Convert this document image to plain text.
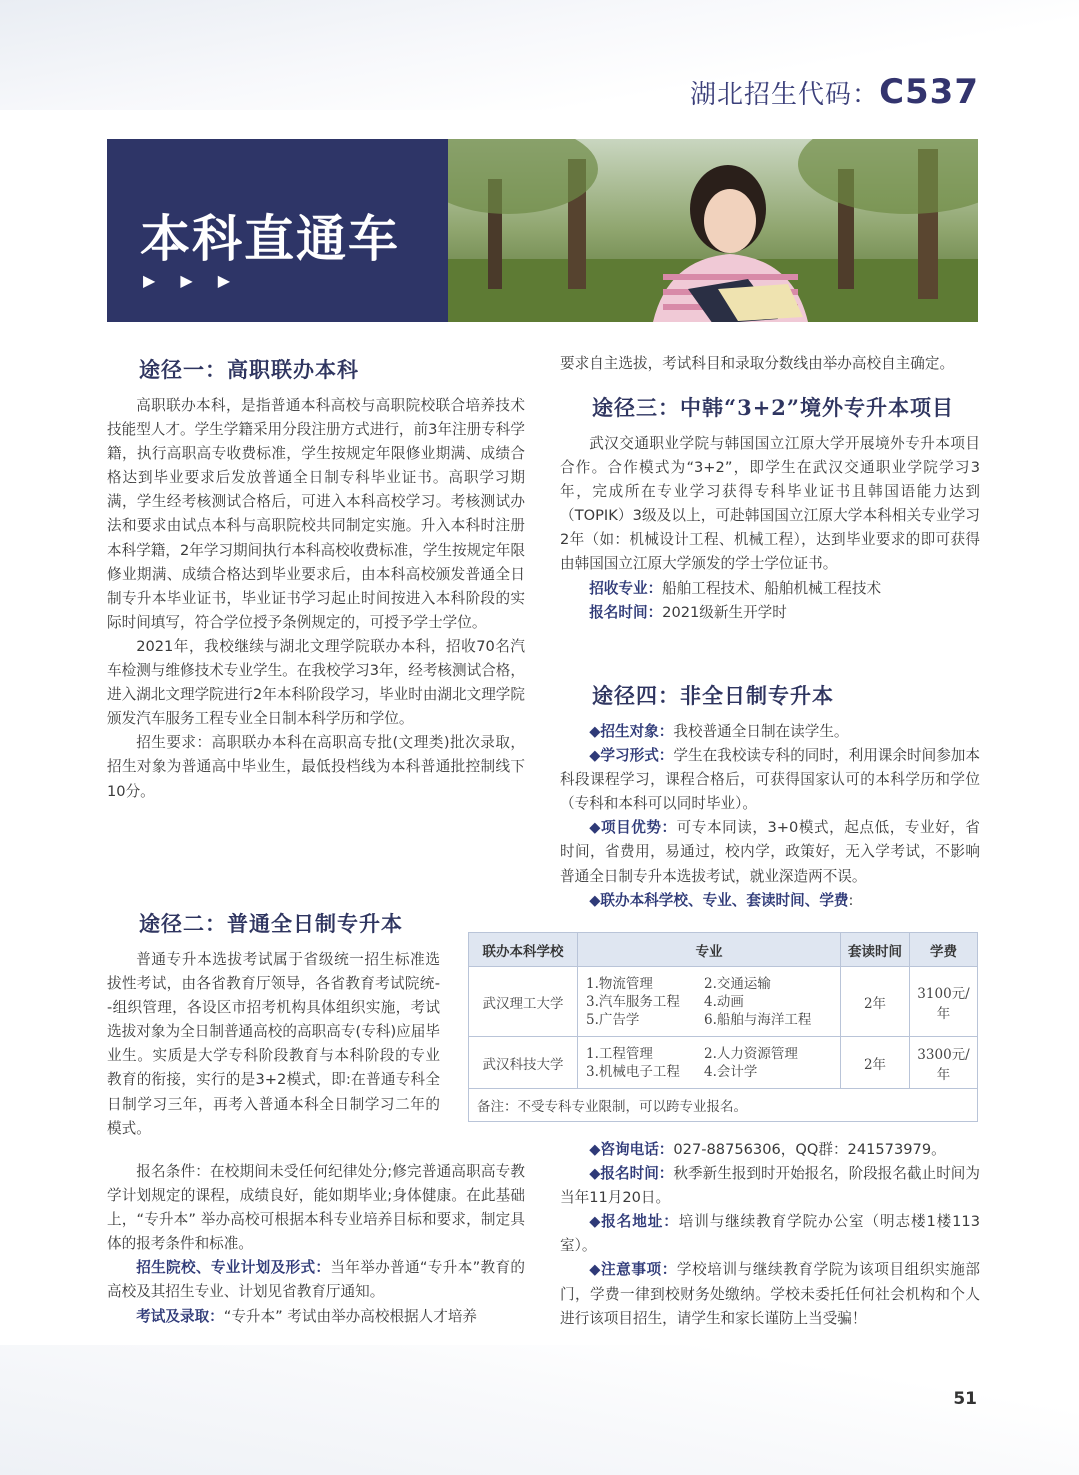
湖北招生代码：C537
本科直通车
▶ ▶ ▶
途径一：高职联办本科

高职联办本科，是指普通本科高校与高职院校联合培养技术技能型人才。学生学籍采用分段注册方式进行，前3年注册专科学籍，执行高职高专收费标准，学生按规定年限修业期满、成绩合格达到毕业要求后发放普通全日制专科毕业证书。高职学习期满，学生经考核测试合格后，可进入本科高校学习。考核测试办法和要求由试点本科与高职院校共同制定实施。升入本科时注册本科学籍，2年学习期间执行本科高校收费标准，学生按规定年限修业期满、成绩合格达到毕业要求后，由本科高校颁发普通全日制专升本毕业证书，毕业证书学习起止时间按进入本科阶段的实际时间填写，符合学位授予条例规定的，可授予学士学位。

2021年，我校继续与湖北文理学院联办本科，招收70名汽车检测与维修技术专业学生。在我校学习3年，经考核测试合格，进入湖北文理学院进行2年本科阶段学习，毕业时由湖北文理学院颁发汽车服务工程专业全日制本科学历和学位。

招生要求：高职联办本科在高职高专批(文理类)批次录取，招生对象为普通高中毕业生，最低投档线为本科普通批控制线下10分。

途径二：普通全日制专升本

普通专升本选拔考试属于省级统一招生标准选拔性考试，由各省教育厅领导，各省教育考试院统- -组织管理，各设区市招考机构具体组织实施，考试选拔对象为全日制普通高校的高职高专(专科)应届毕业生。实质是大学专科阶段教育与本科阶段的专业教育的衔接，实行的是3+2模式，即:在普通专科全日制学习三年，再考入普通本科全日制学习二年的模式。

报名条件：在校期间未受任何纪律处分;修完普通高职高专教学计划规定的课程，成绩良好，能如期毕业;身体健康。在此基础上，“专升本” 举办高校可根据本科专业培养目标和要求，制定具体的报考条件和标准。

招生院校、专业计划及形式：当年举办普通“专升本”教育的高校及其招生专业、计划见省教育厅通知。

考试及录取：“专升本” 考试由举办高校根据人才培养

要求自主选拔，考试科目和录取分数线由举办高校自主确定。

途径三：中韩“3+2”境外专升本项目

武汉交通职业学院与韩国国立江原大学开展境外专升本项目合作。合作模式为“3+2”，即学生在武汉交通职业学院学习3年，完成所在专业学习获得专科毕业证书且韩国语能力达到（TOPIK）3级及以上，可赴韩国国立江原大学本科相关专业学习2年（如：机械设计工程、机械工程），达到毕业要求的即可获得由韩国国立江原大学颁发的学士学位证书。

招收专业：船舶工程技术、船舶机械工程技术

报名时间：2021级新生开学时

途径四：非全日制专升本

◆招生对象：我校普通全日制在读学生。

◆学习形式：学生在我校读专科的同时，利用课余时间参加本科段课程学习，课程合格后，可获得国家认可的本科学历和学位（专科和本科可以同时毕业）。

◆项目优势：可专本同读，3+0模式，起点低，专业好，省时间，省费用，易通过，校内学，政策好，无入学考试，不影响普通全日制专升本选拔考试，就业深造两不误。

◆联办本科学校、专业、套读时间、学费:

联办本科学校	专业	套读时间	学费
武汉理工大学	1.物流管理 2.交通运输
3.汽车服务工程 4.动画
5.广告学 6.船舶与海洋工程	2年	3100元/年
武汉科技大学	1.工程管理 2.人力资源管理
3.机械电子工程 4.会计学	2年	3300元/年
备注：不受专科专业限制，可以跨专业报名。			

◆咨询电话：027-88756306，QQ群：241573979。

◆报名时间：秋季新生报到时开始报名，阶段报名截止时间为当年11月20日。

◆报名地址：培训与继续教育学院办公室（明志楼1楼113室）。

◆注意事项：学校培训与继续教育学院为该项目组织实施部门，学费一律到校财务处缴纳。学校未委托任何社会机构和个人进行该项目招生，请学生和家长谨防上当受骗！

51
